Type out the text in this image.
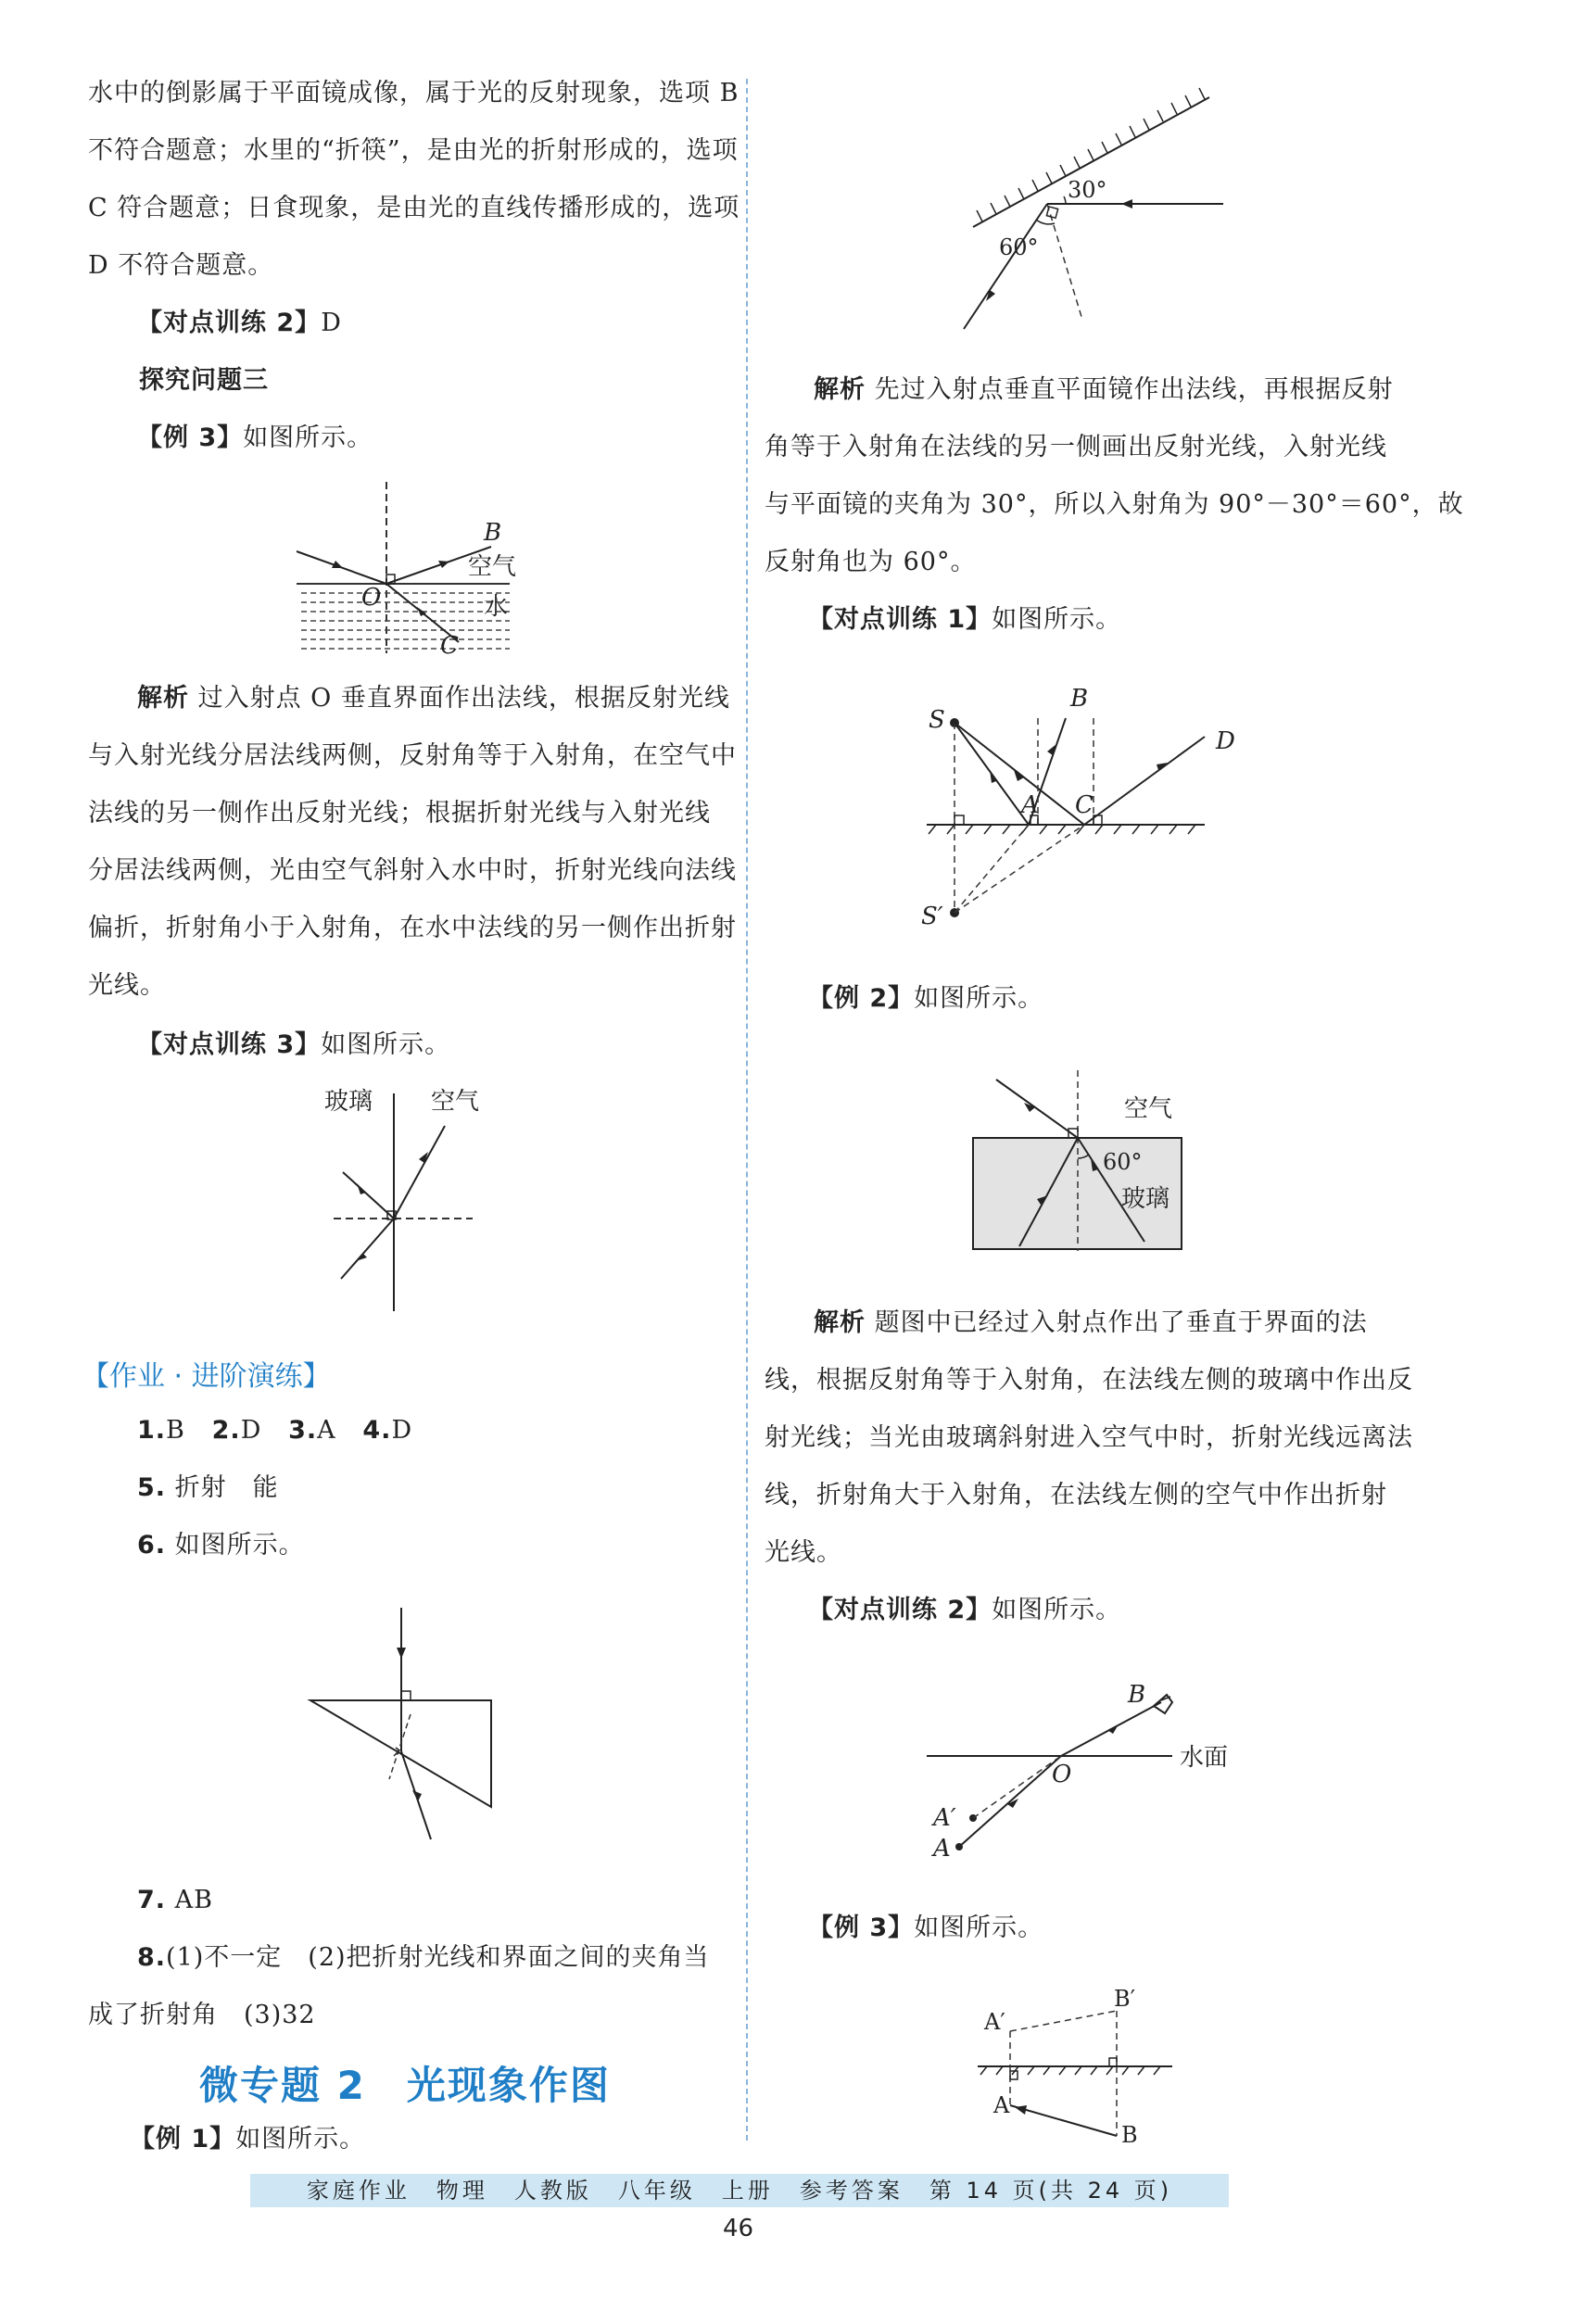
水中的倒影属于平面镜成像，属于光的反射现象，选项 B
不符合题意；水里的“折筷”，是由光的折射形成的，选项
C 符合题意；日食现象，是由光的直线传播形成的，选项
D 不符合题意。
【对点训练 2】D
探究问题三
【例 3】如图所示。
B
O
C
空气
水
解析 过入射点 O 垂直界面作出法线，根据反射光线
与入射光线分居法线两侧，反射角等于入射角，在空气中
法线的另一侧作出反射光线；根据折射光线与入射光线
分居法线两侧，光由空气斜射入水中时，折射光线向法线
偏折，折射角小于入射角，在水中法线的另一侧作出折射
光线。
【对点训练 3】如图所示。
玻璃 空气
【作业 · 进阶演练】
1.B 2.D 3.A 4.D
5. 折射　能
6. 如图所示。
7. AB
8.(1)不一定　(2)把折射光线和界面之间的夹角当
成了折射角　(3)32
微专题 2　光现象作图
【例 1】如图所示。
30°
60°
解析 先过入射点垂直平面镜作出法线，再根据反射
角等于入射角在法线的另一侧画出反射光线，入射光线
与平面镜的夹角为 30°，所以入射角为 90°－30°＝60°，故
反射角也为 60°。
【对点训练 1】如图所示。
S
B
D
A C
S′
【例 2】如图所示。
空气
60°
玻璃
解析 题图中已经过入射点作出了垂直于界面的法
线，根据反射角等于入射角，在法线左侧的玻璃中作出反
射光线；当光由玻璃斜射进入空气中时，折射光线远离法
线，折射角大于入射角，在法线左侧的空气中作出折射
光线。
【对点训练 2】如图所示。
B
O
水面
A′
A
【例 3】如图所示。
A′
B′
A
B
家庭作业　物理　人教版　八年级　上册　参考答案　第 14 页(共 24 页)
46
